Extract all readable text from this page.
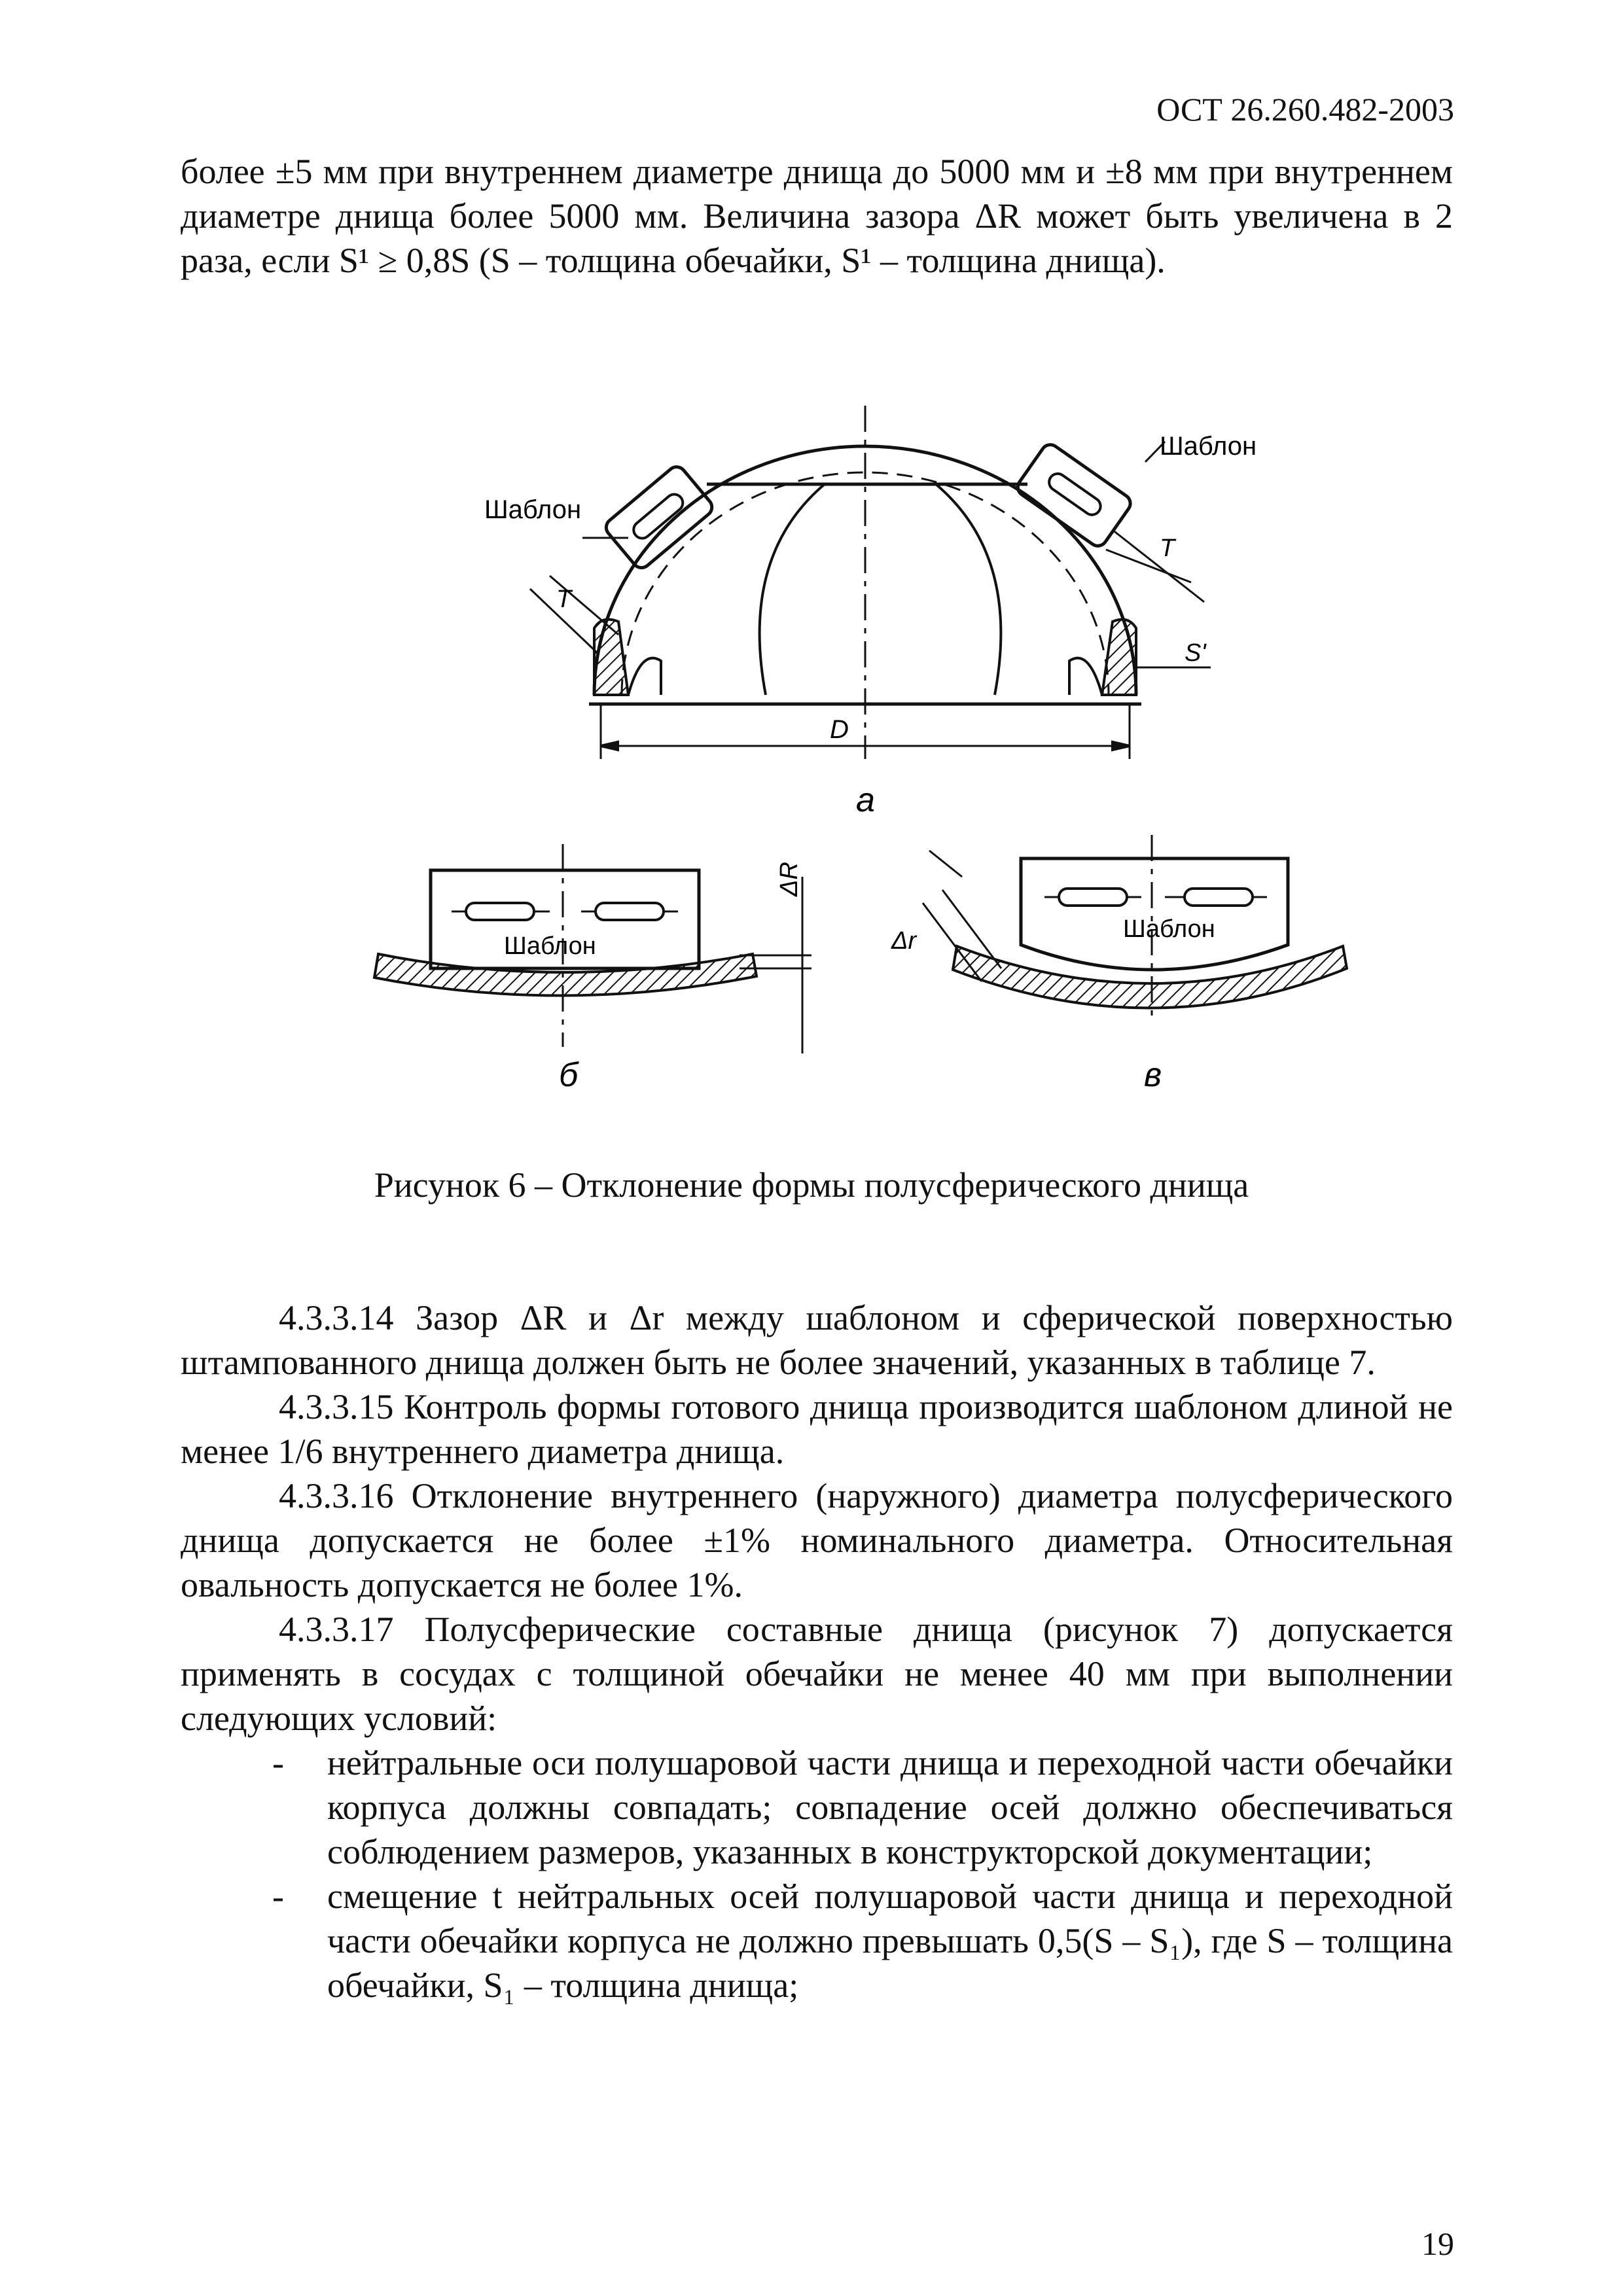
ОСТ 26.260.482-2003
более ±5 мм при внутреннем диаметре днища до 5000 мм и ±8 мм при внутреннем диаметре днища более 5000 мм. Величина зазора ΔR может быть увеличена в 2 раза, если S¹ ≥ 0,8S (S – толщина обечайки, S¹ – толщина днища).
Шаблон
Шаблон
T
T
S'
D
а
Шаблон
ΔR
б
Шаблон
Δr
в
Рисунок 6 – Отклонение формы полусферического днища

4.3.3.14 Зазор ΔR и Δr между шаблоном и сферической поверхностью штампованного днища должен быть не более значений, указанных в таблице 7.

4.3.3.15 Контроль формы готового днища производится шаблоном длиной не менее 1/6 внутреннего диаметра днища.

4.3.3.16 Отклонение внутреннего (наружного) диаметра полусферического днища допускается не более ±1% номинального диаметра. Относительная овальность допускается не более 1%.

4.3.3.17 Полусферические составные днища (рисунок 7) допускается применять в сосудах с толщиной обечайки не менее 40 мм при выполнении следующих условий:

- нейтральные оси полушаровой части днища и переходной части обечайки корпуса должны совпадать; совпадение осей должно обеспечиваться соблюдением размеров, указанных в конструкторской документации;
- смещение t нейтральных осей полушаровой части днища и переходной части обечайки корпуса не должно превышать 0,5(S – S₁), где S – толщина обечайки, S₁ – толщина днища;
19
